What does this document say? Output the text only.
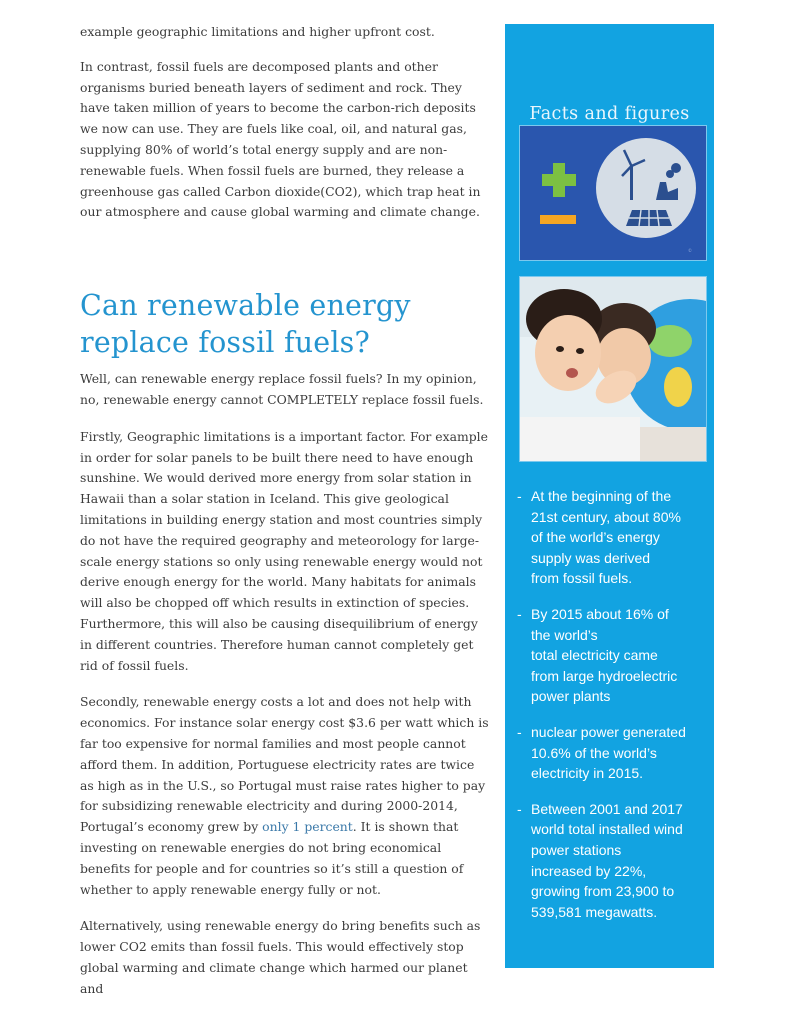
example geographic limitations and higher upfront cost.

In contrast, fossil fuels are decomposed plants and other organisms buried beneath layers of sediment and rock. They have taken million of years to become the carbon-rich deposits we now can use. They are fuels like coal, oil, and natural gas, supplying 80% of world’s total energy supply and are non-renewable fuels. When fossil fuels are burned, they release a greenhouse gas called Carbon dioxide(CO2), which trap heat in our atmosphere and cause global warming and climate change.

Can renewable energy replace fossil fuels?

Well, can renewable energy replace fossil fuels? In my opinion, no, renewable energy cannot COMPLETELY replace fossil fuels.

Firstly, Geographic limitations is a important factor. For example in order for solar panels to be built there need to have enough sunshine. We would derived more energy from solar station in Hawaii than a solar station in Iceland. This give geological limitations in building energy station and most countries simply do not have the required geography and meteorology for large-scale energy stations so only using renewable energy would not derive enough energy for the world. Many habitats for animals will also be chopped off which results in extinction of species. Furthermore, this will also be causing disequilibrium of energy in different countries. Therefore human cannot completely get rid of fossil fuels.

Secondly, renewable energy costs a lot and does not help with economics. For instance solar energy cost $3.6 per watt which is far too expensive for normal families and most people cannot afford them. In addition, Portuguese electricity rates are twice as high as in the U.S., so Portugal must raise rates higher to pay for subsidizing renewable electricity and during 2000-2014, Portugal’s economy grew by only 1 percent. It is shown that investing on renewable energies do not bring economical benefits for people and for countries so it’s still a question of whether to apply renewable energy fully or not.

Alternatively, using renewable energy do bring benefits such as lower CO2 emits than fossil fuels. This would effectively stop global warming and climate change which harmed our planet and

Facts and figures
©
- At the beginning of the
21st century, about 80%
of the world’s energy
supply was derived
from fossil fuels.
- By 2015 about 16% of
the world’s
total electricity came
from large hydroelectric
power plants
- nuclear power generated
10.6% of the world’s
electricity in 2015.
- Between 2001 and 2017
world total installed wind
power stations
increased by 22%,
growing from 23,900 to
539,581 megawatts.
